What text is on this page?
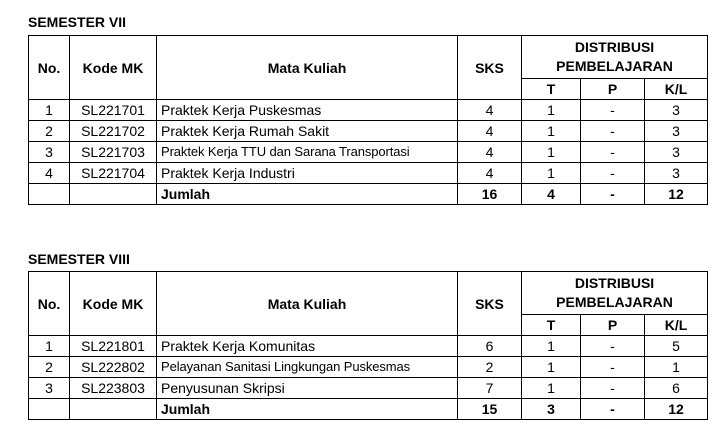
SEMESTER VII
No.	Kode MK	Mata Kuliah	SKS	DISTRIBUSI
PEMBELAJARAN		

				T	P	K/L
1	SL221701	Praktek Kerja Puskesmas	4	1	-	3
2	SL221702	Praktek Kerja Rumah Sakit	4	1	-	3
3	SL221703	Praktek Kerja TTU dan Sarana Transportasi	4	1	-	3
4	SL221704	Praktek Kerja Industri	4	1	-	3
		Jumlah	16	4	-	12
SEMESTER VIII
No.	Kode MK	Mata Kuliah	SKS	DISTRIBUSI
PEMBELAJARAN		

				T	P	K/L
1	SL221801	Praktek Kerja Komunitas	6	1	-	5
2	SL222802	Pelayanan Sanitasi Lingkungan Puskesmas	2	1	-	1
3	SL223803	Penyusunan Skripsi	7	1	-	6
		Jumlah	15	3	-	12
